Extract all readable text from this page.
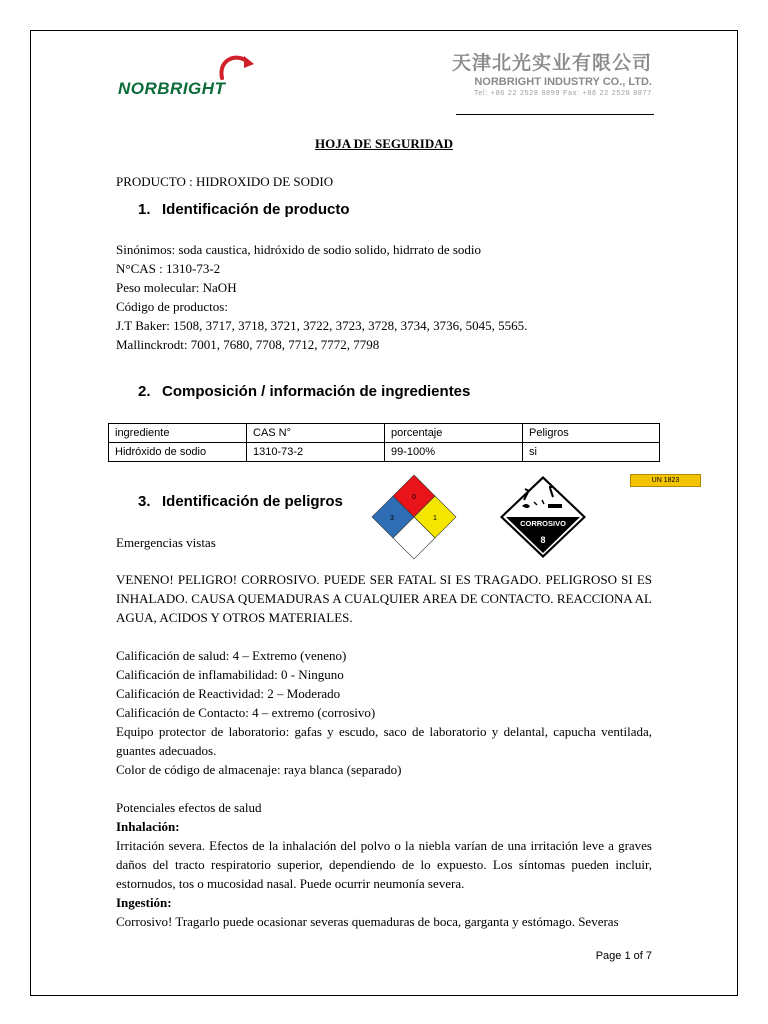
NORBRIGHT
天津北光实业有限公司
NORBRIGHT INDUSTRY CO., LTD.
Tel: +86 22 2528 8899 Fax: +86 22 2528 8877
HOJA DE SEGURIDAD
PRODUCTO : HIDROXIDO DE SODIO
1. Identificación de producto
Sinónimos: soda caustica, hidróxido de sodio solido, hidrrato de sodio
N°CAS : 1310-73-2
Peso molecular: NaOH
Código de productos:
J.T Baker: 1508, 3717, 3718, 3721, 3722, 3723, 3728, 3734, 3736, 5045, 5565.
Mallinckrodt: 7001, 7680, 7708, 7712, 7772, 7798
2. Composición / información de ingredientes
ingrediente	CAS N°	porcentaje	Peligros
Hidróxido de sodio	1310-73-2	99-100%	si
3. Identificación de peligros	0
3	1
CORROSIVO
8
UN 1823
Emergencias vistas
VENENO! PELIGRO! CORROSIVO. PUEDE SER FATAL SI ES TRAGADO. PELIGROSO SI ES INHALADO. CAUSA QUEMADURAS A CUALQUIER AREA DE CONTACTO. REACCIONA AL AGUA, ACIDOS Y OTROS MATERIALES.
Calificación de salud: 4 – Extremo (veneno)
Calificación de inflamabilidad: 0 - Ninguno
Calificación de Reactividad: 2 – Moderado
Calificación de Contacto: 4 – extremo (corrosivo)
Equipo protector de laboratorio: gafas y escudo, saco de laboratorio y delantal, capucha ventilada, guantes adecuados.
Color de código de almacenaje: raya blanca (separado)
Potenciales efectos de salud
Inhalación:
Irritación severa. Efectos de la inhalación del polvo o la niebla varían de una irritación leve a graves daños del tracto respiratorio superior, dependiendo de lo expuesto. Los síntomas pueden incluir, estornudos, tos o mucosidad nasal. Puede ocurrir neumonía severa.
Ingestión:
Corrosivo! Tragarlo puede ocasionar severas quemaduras de boca, garganta y estómago. Severas
Page 1 of 7
